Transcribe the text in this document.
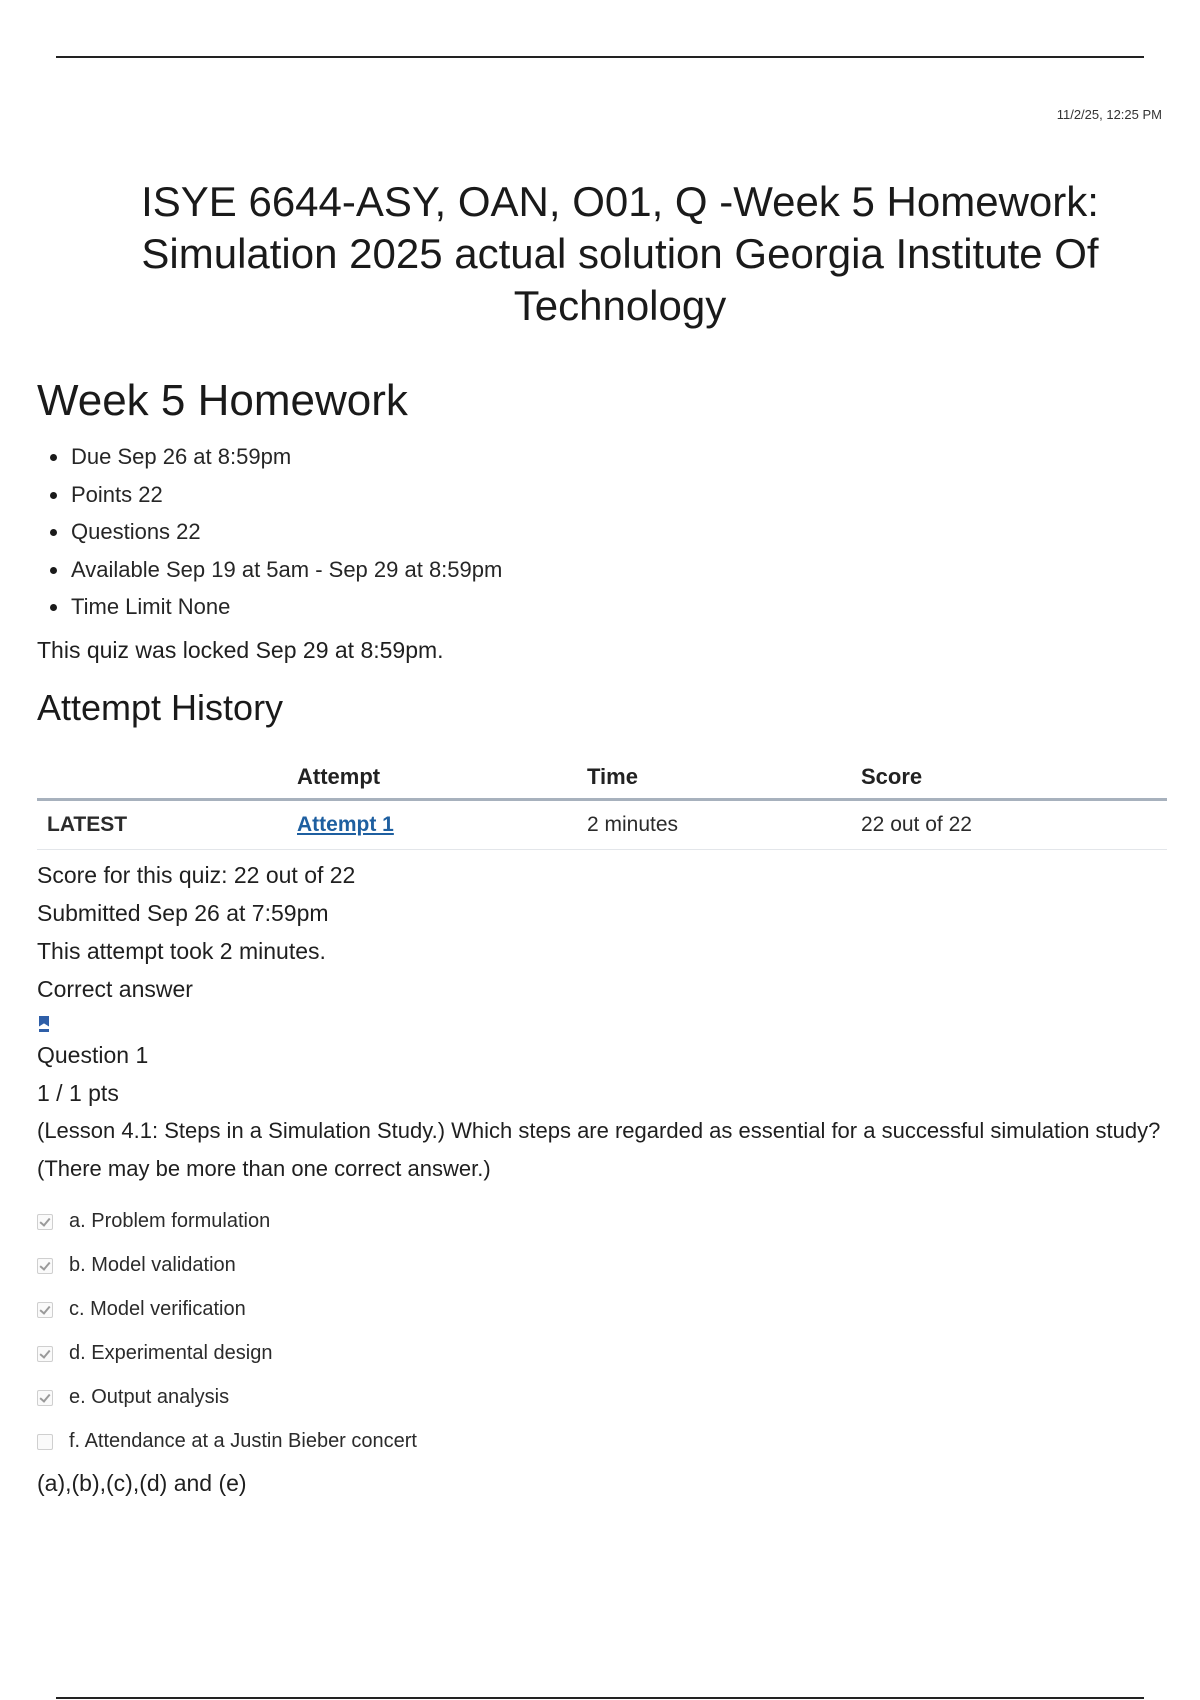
11/2/25, 12:25 PM
ISYE 6644-ASY, OAN, O01, Q -Week 5 Homework: Simulation 2025 actual solution Georgia Institute Of Technology
Week 5 Homework
Due Sep 26 at 8:59pm
Points 22
Questions 22
Available Sep 19 at 5am - Sep 29 at 8:59pm
Time Limit None

This quiz was locked Sep 29 at 8:59pm.

Attempt History
	Attempt	Time	Score
LATEST	Attempt 1	2 minutes	22 out of 22

Score for this quiz: 22 out of 22

Submitted Sep 26 at 7:59pm

This attempt took 2 minutes.

Correct answer

Question 1

1 / 1 pts

(Lesson 4.1: Steps in a Simulation Study.) Which steps are regarded as essential for a successful simulation study? (There may be more than one correct answer.)

a. Problem formulation
b. Model validation
c. Model verification
d. Experimental design
e. Output analysis
f. Attendance at a Justin Bieber concert

(a),(b),(c),(d) and (e)
